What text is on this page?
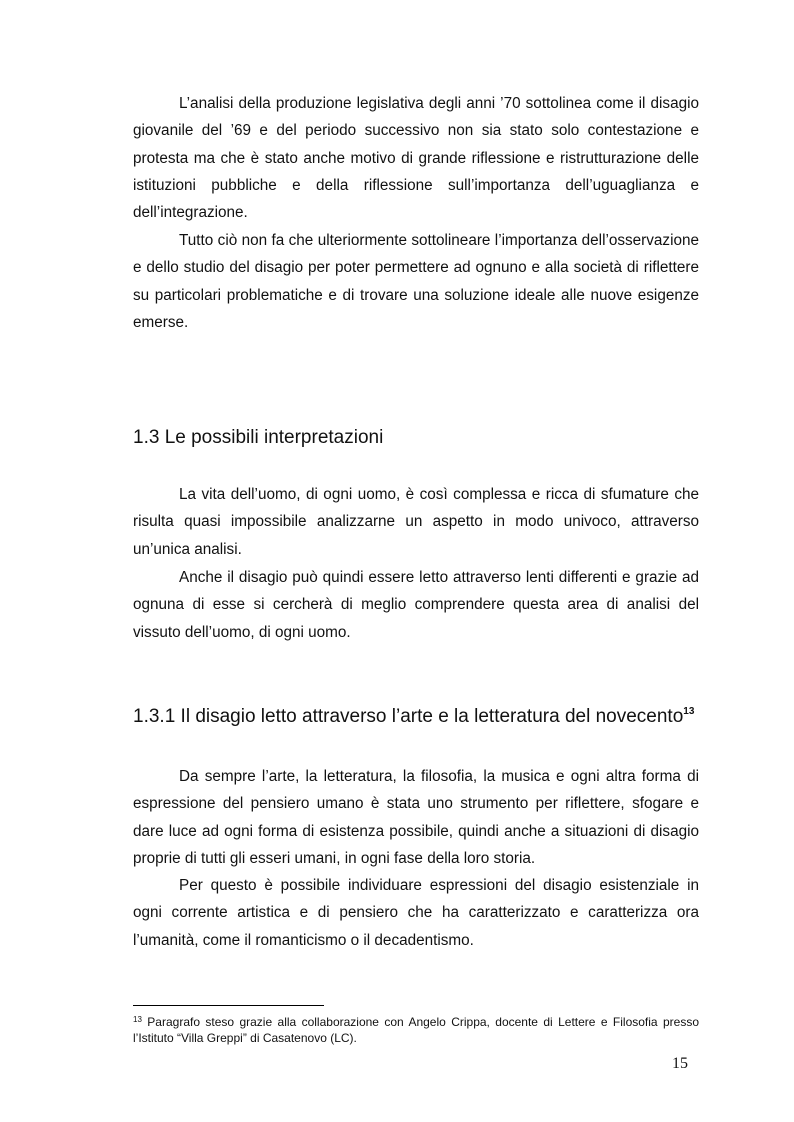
L’analisi della produzione legislativa degli anni ’70 sottolinea come il disagio giovanile del ’69 e del periodo successivo non sia stato solo contestazione e protesta ma che è stato anche motivo di grande riflessione e ristrutturazione delle istituzioni pubbliche e della riflessione sull’importanza dell’uguaglianza e dell’integrazione.

Tutto ciò non fa che ulteriormente sottolineare l’importanza dell’osservazione e dello studio del disagio per poter permettere ad ognuno e alla società di riflettere su particolari problematiche e di trovare una soluzione ideale alle nuove esigenze emerse.

1.3 Le possibili interpretazioni

La vita dell’uomo, di ogni uomo, è così complessa e ricca di sfumature che risulta quasi impossibile analizzarne un aspetto in modo univoco, attraverso un’unica analisi.

Anche il disagio può quindi essere letto attraverso lenti differenti e grazie ad ognuna di esse si cercherà di meglio comprendere questa area di analisi del vissuto dell’uomo, di ogni uomo.

1.3.1 Il disagio letto attraverso l’arte e la letteratura del novecento$^{13}$

Da sempre l’arte, la letteratura, la filosofia, la musica e ogni altra forma di espressione del pensiero umano è stata uno strumento per riflettere, sfogare e dare luce ad ogni forma di esistenza possibile, quindi anche a situazioni di disagio proprie di tutti gli esseri umani, in ogni fase della loro storia.

Per questo è possibile individuare espressioni del disagio esistenziale in ogni corrente artistica e di pensiero che ha caratterizzato e caratterizza ora l’umanità, come il romanticismo o il decadentismo.

$^{13}$ Paragrafo steso grazie alla collaborazione con Angelo Crippa, docente di Lettere e Filosofia presso l’Istituto “Villa Greppi” di Casatenovo (LC).

15
